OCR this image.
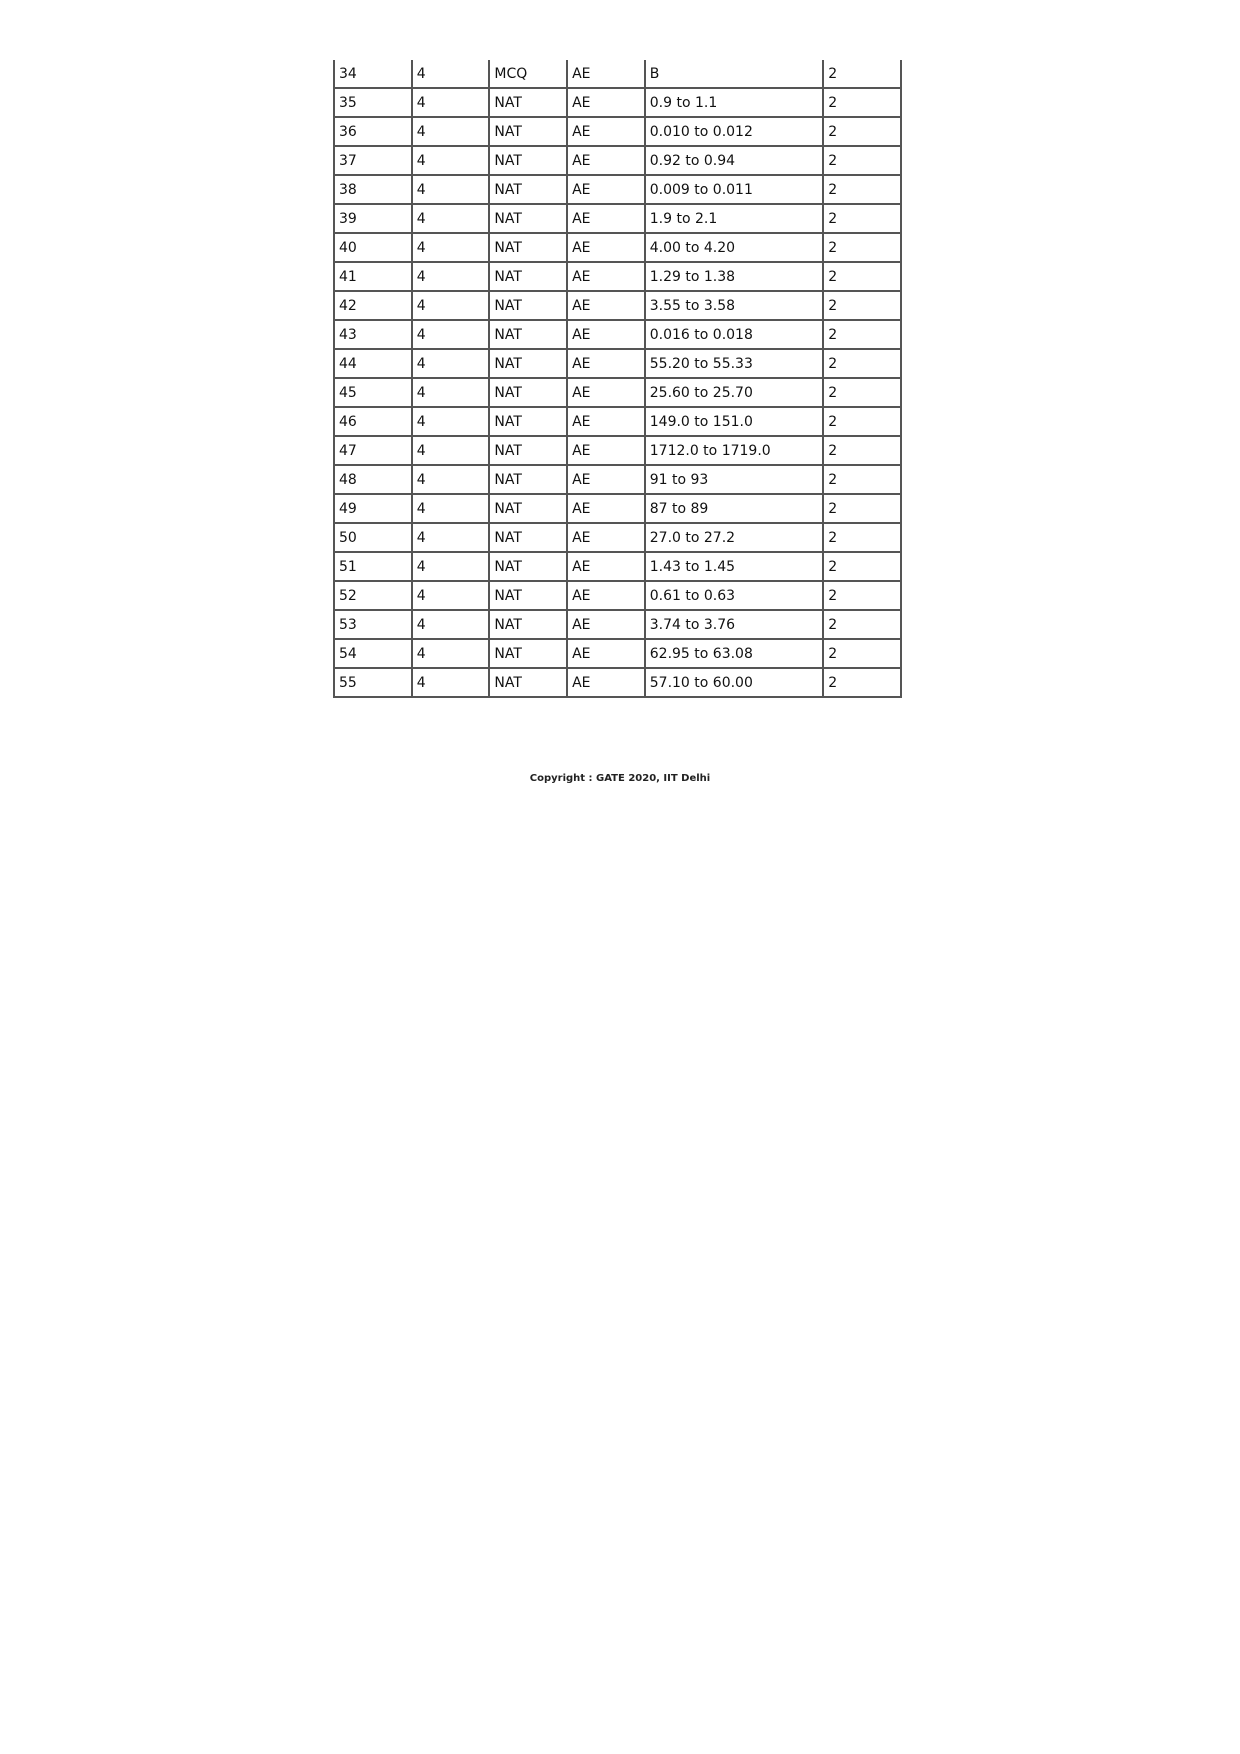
34	4	MCQ	AE	B	2
35	4	NAT	AE	0.9 to 1.1	2
36	4	NAT	AE	0.010 to 0.012	2
37	4	NAT	AE	0.92 to 0.94	2
38	4	NAT	AE	0.009 to 0.011	2
39	4	NAT	AE	1.9 to 2.1	2
40	4	NAT	AE	4.00 to 4.20	2
41	4	NAT	AE	1.29 to 1.38	2
42	4	NAT	AE	3.55 to 3.58	2
43	4	NAT	AE	0.016 to 0.018	2
44	4	NAT	AE	55.20 to 55.33	2
45	4	NAT	AE	25.60 to 25.70	2
46	4	NAT	AE	149.0 to 151.0	2
47	4	NAT	AE	1712.0 to 1719.0	2
48	4	NAT	AE	91 to 93	2
49	4	NAT	AE	87 to 89	2
50	4	NAT	AE	27.0 to 27.2	2
51	4	NAT	AE	1.43 to 1.45	2
52	4	NAT	AE	0.61 to 0.63	2
53	4	NAT	AE	3.74 to 3.76	2
54	4	NAT	AE	62.95 to 63.08	2
55	4	NAT	AE	57.10 to 60.00	2
Copyright : GATE 2020, IIT Delhi
